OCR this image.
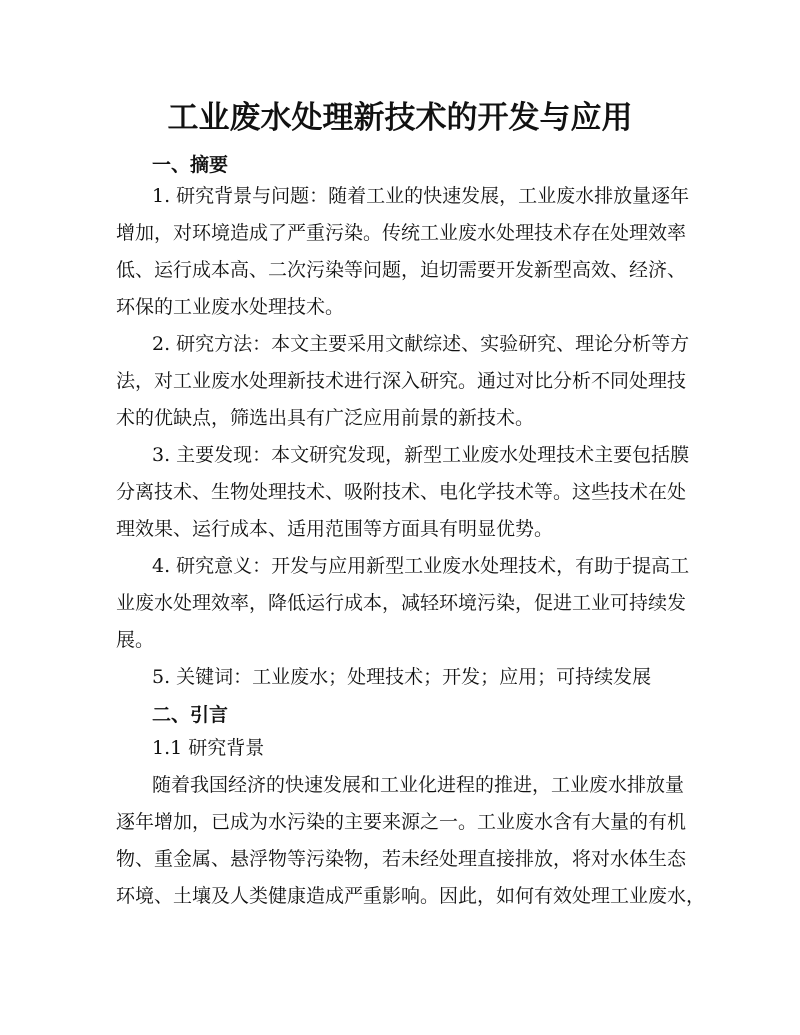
工业废水处理新技术的开发与应用
一、摘要
1. 研究背景与问题：随着工业的快速发展，工业废水排放量逐年
增加，对环境造成了严重污染。传统工业废水处理技术存在处理效率
低、运行成本高、二次污染等问题，迫切需要开发新型高效、经济、
环保的工业废水处理技术。
2. 研究方法：本文主要采用文献综述、实验研究、理论分析等方
法，对工业废水处理新技术进行深入研究。通过对比分析不同处理技
术的优缺点，筛选出具有广泛应用前景的新技术。
3. 主要发现：本文研究发现，新型工业废水处理技术主要包括膜
分离技术、生物处理技术、吸附技术、电化学技术等。这些技术在处
理效果、运行成本、适用范围等方面具有明显优势。
4. 研究意义：开发与应用新型工业废水处理技术，有助于提高工
业废水处理效率，降低运行成本，减轻环境污染，促进工业可持续发
展。
5. 关键词：工业废水；处理技术；开发；应用；可持续发展
二、引言
1.1 研究背景
随着我国经济的快速发展和工业化进程的推进，工业废水排放量
逐年增加，已成为水污染的主要来源之一。工业废水含有大量的有机
物、重金属、悬浮物等污染物，若未经处理直接排放，将对水体生态
环境、土壤及人类健康造成严重影响。因此，如何有效处理工业废水，
